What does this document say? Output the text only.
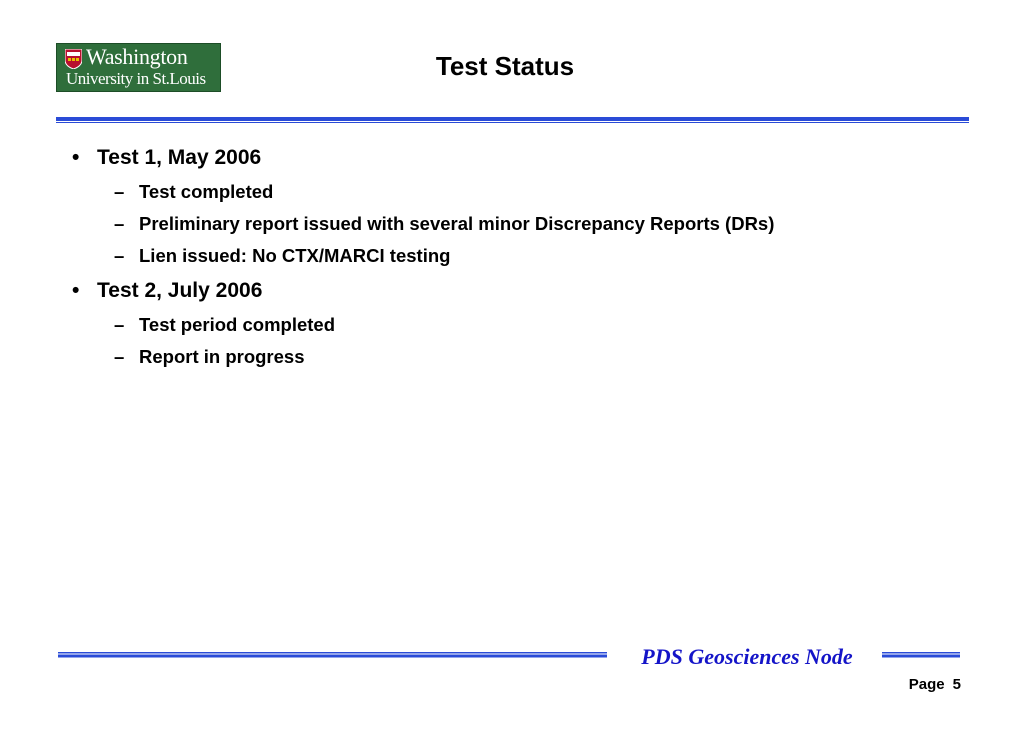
Washington
University in St.Louis	Test Status
• Test 1, May 2006
– Test completed
– Preliminary report issued with several minor Discrepancy Reports (DRs)
– Lien issued: No CTX/MARCI testing
• Test 2, July 2006
– Test period completed
– Report in progress
PDS Geosciences Node
Page 5
